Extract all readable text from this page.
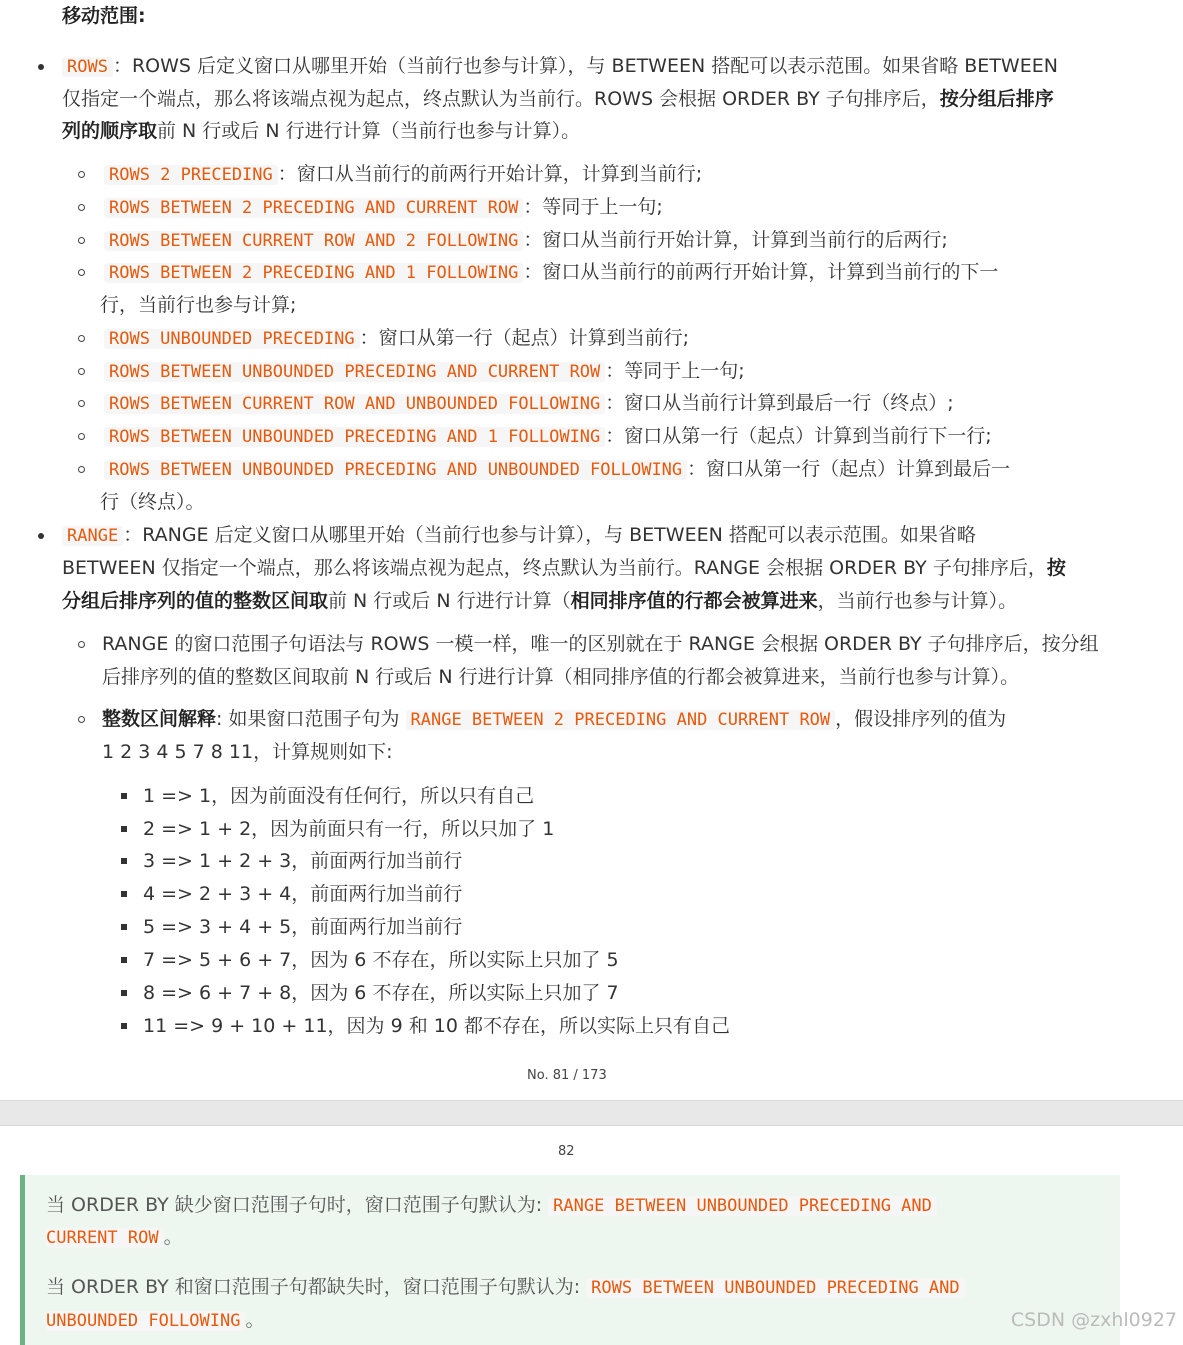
移动范围:
ROWS ：ROWS 后定义窗口从哪里开始（当前行也参与计算），与 BETWEEN 搭配可以表示范围。如果省略 BETWEEN
仅指定一个端点，那么将该端点视为起点，终点默认为当前行。ROWS 会根据 ORDER BY 子句排序后，按分组后排序
列的顺序取前 N 行或后 N 行进行计算（当前行也参与计算）。
ROWS 2 PRECEDING ：窗口从当前行的前两行开始计算，计算到当前行;
ROWS BETWEEN 2 PRECEDING AND CURRENT ROW ：等同于上一句;
ROWS BETWEEN CURRENT ROW AND 2 FOLLOWING ：窗口从当前行开始计算，计算到当前行的后两行;
ROWS BETWEEN 2 PRECEDING AND 1 FOLLOWING ：窗口从当前行的前两行开始计算，计算到当前行的下一
行，当前行也参与计算;
ROWS UNBOUNDED PRECEDING ：窗口从第一行（起点）计算到当前行;
ROWS BETWEEN UNBOUNDED PRECEDING AND CURRENT ROW ：等同于上一句;
ROWS BETWEEN CURRENT ROW AND UNBOUNDED FOLLOWING ：窗口从当前行计算到最后一行（终点）;
ROWS BETWEEN UNBOUNDED PRECEDING AND 1 FOLLOWING ：窗口从第一行（起点）计算到当前行下一行;
ROWS BETWEEN UNBOUNDED PRECEDING AND UNBOUNDED FOLLOWING ：窗口从第一行（起点）计算到最后一
行（终点）。
RANGE ：RANGE 后定义窗口从哪里开始（当前行也参与计算），与 BETWEEN 搭配可以表示范围。如果省略
BETWEEN 仅指定一个端点，那么将该端点视为起点，终点默认为当前行。RANGE 会根据 ORDER BY 子句排序后，按
分组后排序列的值的整数区间取前 N 行或后 N 行进行计算（相同排序值的行都会被算进来，当前行也参与计算）。
RANGE 的窗口范围子句语法与 ROWS 一模一样，唯一的区别就在于 RANGE 会根据 ORDER BY 子句排序后，按分组
后排序列的值的整数区间取前 N 行或后 N 行进行计算（相同排序值的行都会被算进来，当前行也参与计算）。
整数区间解释: 如果窗口范围子句为 RANGE BETWEEN 2 PRECEDING AND CURRENT ROW ，假设排序列的值为
1 2 3 4 5 7 8 11，计算规则如下:
1 => 1，因为前面没有任何行，所以只有自己
2 => 1 + 2，因为前面只有一行，所以只加了 1
3 => 1 + 2 + 3，前面两行加当前行
4 => 2 + 3 + 4，前面两行加当前行
5 => 3 + 4 + 5，前面两行加当前行
7 => 5 + 6 + 7，因为 6 不存在，所以实际上只加了 5
8 => 6 + 7 + 8，因为 6 不存在，所以实际上只加了 7
11 => 9 + 10 + 11，因为 9 和 10 都不存在，所以实际上只有自己
No. 81 / 173
82
当 ORDER BY 缺少窗口范围子句时，窗口范围子句默认为: RANGE BETWEEN UNBOUNDED PRECEDING AND
CURRENT ROW 。
当 ORDER BY 和窗口范围子句都缺失时，窗口范围子句默认为: ROWS BETWEEN UNBOUNDED PRECEDING AND
UNBOUNDED FOLLOWING 。	CSDN @zxhl0927
